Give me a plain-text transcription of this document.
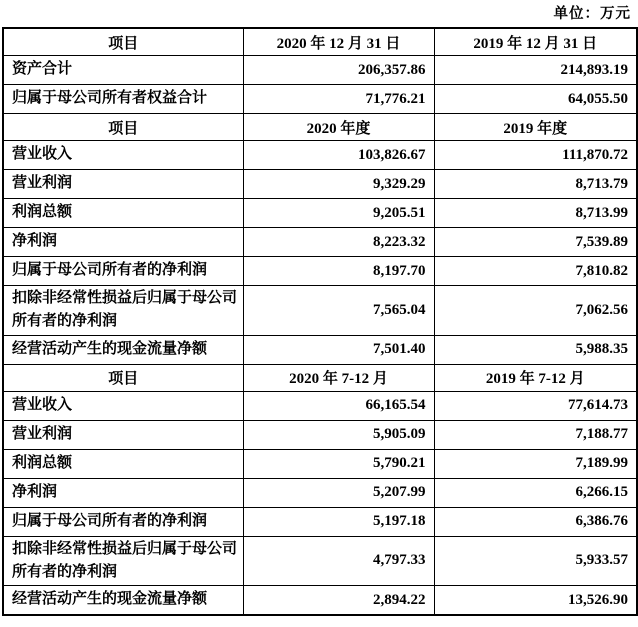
单位：万元
项目	2020 年 12 月 31 日	2019 年 12 月 31 日
资产合计	206,357.86	214,893.19
归属于母公司所有者权益合计	71,776.21	64,055.50
项目	2020 年度	2019 年度
营业收入	103,826.67	111,870.72
营业利润	9,329.29	8,713.79
利润总额	9,205.51	8,713.99
净利润	8,223.32	7,539.89
归属于母公司所有者的净利润	8,197.70	7,810.82
扣除非经常性损益后归属于母公司所有者的净利润	7,565.04	7,062.56
经营活动产生的现金流量净额	7,501.40	5,988.35
项目	2020 年 7-12 月	2019 年 7-12 月
营业收入	66,165.54	77,614.73
营业利润	5,905.09	7,188.77
利润总额	5,790.21	7,189.99
净利润	5,207.99	6,266.15
归属于母公司所有者的净利润	5,197.18	6,386.76
扣除非经常性损益后归属于母公司所有者的净利润	4,797.33	5,933.57
经营活动产生的现金流量净额	2,894.22	13,526.90
